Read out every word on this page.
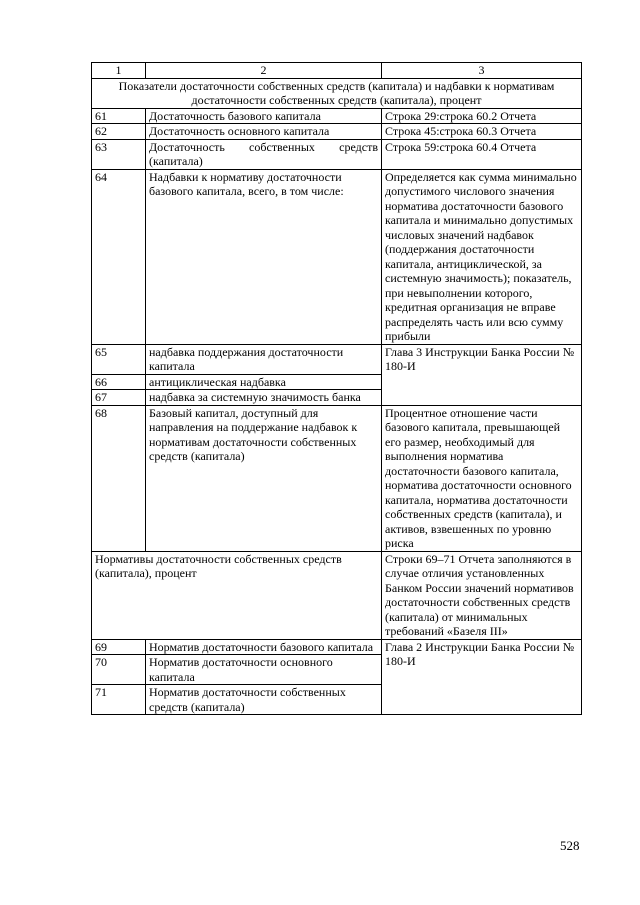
1	2	3
Показатели достаточности собственных средств (капитала) и надбавки к нормативам достаточности собственных средств (капитала), процент		
61	Достаточность базового капитала	Строка 29:строка 60.2 Отчета
62	Достаточность основного капитала	Строка 45:строка 60.3 Отчета
63	Достаточность собственных средств (капитала)	Строка 59:строка 60.4 Отчета
64	Надбавки к нормативу достаточности базового капитала, всего, в том числе:	Определяется как сумма минимально допустимого числового значения норматива достаточности базового капитала и минимально допустимых числовых значений надбавок (поддержания достаточности капитала, антициклической, за системную значимость); показатель, при невыполнении которого, кредитная организация не вправе распределять часть или всю сумму прибыли
65	надбавка поддержания достаточности капитала	Глава 3 Инструкции Банка России № 180-И
66	антициклическая надбавка	
67	надбавка за системную значимость банка	
68	Базовый капитал, доступный для направления на поддержание надбавок к нормативам достаточности собственных средств (капитала)	Процентное отношение части базового капитала, превышающей его размер, необходимый для выполнения норматива достаточности базового капитала, норматива достаточности основного капитала, норматива достаточности собственных средств (капитала), и активов, взвешенных по уровню риска
Нормативы достаточности собственных средств (капитала), процент		Строки 69–71 Отчета заполняются в случае отличия установленных Банком России значений нормативов достаточности собственных средств (капитала) от минимальных требований «Базеля III»
69	Норматив достаточности базового капитала	Глава 2 Инструкции Банка России № 180-И
70	Норматив достаточности основного капитала	
71	Норматив достаточности собственных средств (капитала)	
528
